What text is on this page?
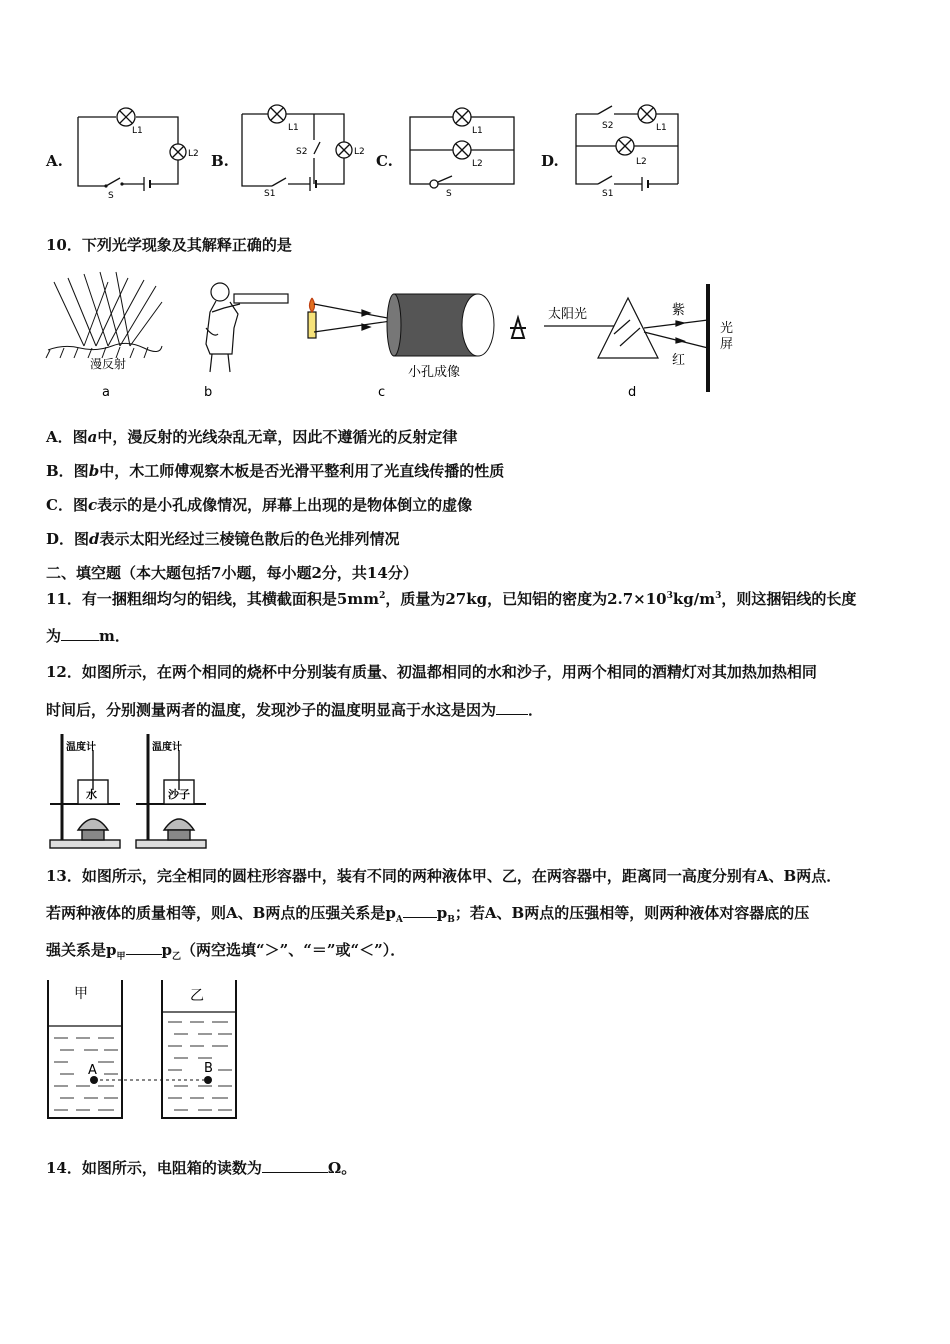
A.
L1
L2
S
B.
L1
L2
S2
S1
C.
L1
L2
S
D.
S2	L1
L2
S1
10．下列光学现象及其解释正确的是
漫反射
a	b
小孔成像
c
太阳光	紫
红
光
屏
d
A．图a中，漫反射的光线杂乱无章，因此不遵循光的反射定律
B．图b中，木工师傅观察木板是否光滑平整利用了光直线传播的性质
C．图c表示的是小孔成像情况，屏幕上出现的是物体倒立的虚像
D．图d表示太阳光经过三棱镜色散后的色光排列情况
二、填空题（本大题包括7小题，每小题2分，共14分）
11．有一捆粗细均匀的铝线，其横截面积是$5mm^2$，质量为27kg，已知铝的密度为$2.7\times 10^3kg/m^3$，则这捆铝线的长度
为	m．
12．如图所示，在两个相同的烧杯中分别装有质量、初温都相同的水和沙子，用两个相同的酒精灯对其加热加热相同
时间后，分别测量两者的温度，发现沙子的温度明显高于水这是因为 ．
温度计	温度计
水	沙子
13．如图所示，完全相同的圆柱形容器中，装有不同的两种液体甲、乙，在两容器中，距离同一高度分别有A、B两点．
若两种液体的质量相等，则A、B两点的压强关系是$p_A$ $p_B$；若A、B两点的压强相等，则两种液体对容器底的压
强关系是$p_甲$ $p_乙$（两空选填“＞”、“＝”或“＜”）．
A	B
甲	乙
14．如图所示，电阻箱的读数为	Ω。
